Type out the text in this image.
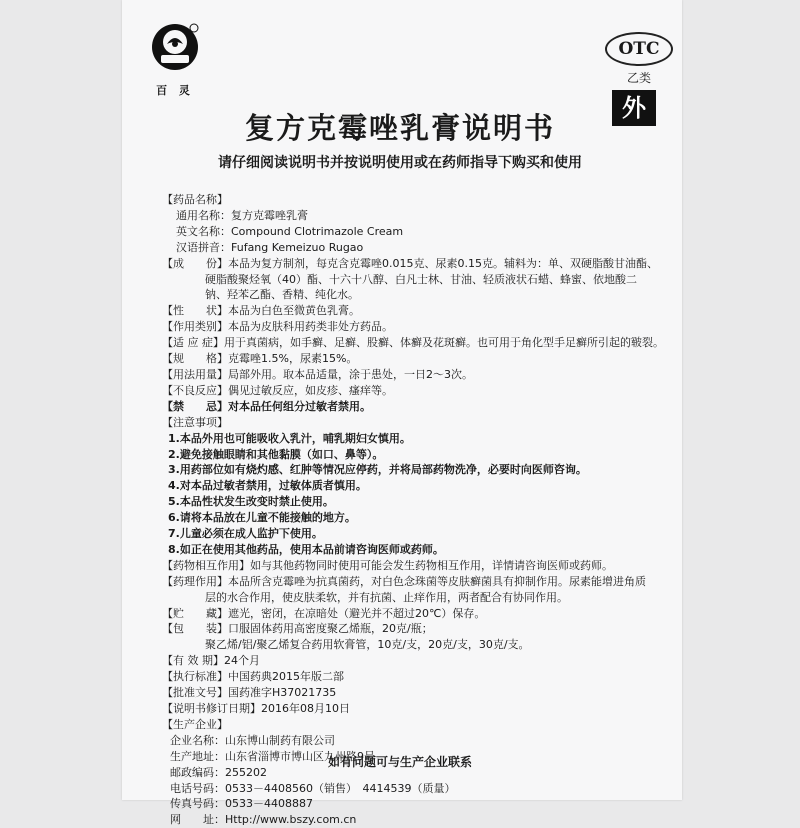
百 灵
OTC
乙类
外
复方克霉唑乳膏说明书
请仔细阅读说明书并按说明使用或在药师指导下购买和使用
【药品名称】
通用名称：复方克霉唑乳膏
英文名称：Compound Clotrimazole Cream
汉语拼音：Fufang Kemeizuo Rugao
【成　　份】本品为复方制剂，每克含克霉唑0.015克、尿素0.15克。辅料为：单、双硬脂酸甘油酯、
硬脂酸聚烃氧（40）酯、十六十八醇、白凡士林、甘油、轻质液状石蜡、蜂蜜、依地酸二
钠、羟苯乙酯、香精、纯化水。
【性　　状】本品为白色至微黄色乳膏。
【作用类别】本品为皮肤科用药类非处方药品。
【适 应 症】用于真菌病，如手癣、足癣、股癣、体癣及花斑癣。也可用于角化型手足癣所引起的皲裂。
【规　　格】克霉唑1.5%，尿素15%。
【用法用量】局部外用。取本品适量，涂于患处，一日2～3次。
【不良反应】偶见过敏反应，如皮疹、瘙痒等。
【禁　　忌】对本品任何组分过敏者禁用。
【注意事项】
1.本品外用也可能吸收入乳汁，哺乳期妇女慎用。
2.避免接触眼睛和其他黏膜（如口、鼻等）。
3.用药部位如有烧灼感、红肿等情况应停药，并将局部药物洗净，必要时向医师咨询。
4.对本品过敏者禁用，过敏体质者慎用。
5.本品性状发生改变时禁止使用。
6.请将本品放在儿童不能接触的地方。
7.儿童必须在成人监护下使用。
8.如正在使用其他药品，使用本品前请咨询医师或药师。
【药物相互作用】如与其他药物同时使用可能会发生药物相互作用，详情请咨询医师或药师。
【药理作用】本品所含克霉唑为抗真菌药，对白色念珠菌等皮肤癣菌具有抑制作用。尿素能增进角质
层的水合作用，使皮肤柔软，并有抗菌、止痒作用，两者配合有协同作用。
【贮　　藏】遮光，密闭，在凉暗处（避光并不超过20℃）保存。
【包　　装】口服固体药用高密度聚乙烯瓶，20克/瓶；
聚乙烯/铝/聚乙烯复合药用软膏管，10克/支，20克/支，30克/支。
【有 效 期】24个月
【执行标准】中国药典2015年版二部
【批准文号】国药准字H37021735
【说明书修订日期】2016年08月10日
【生产企业】
企业名称：山东博山制药有限公司
生产地址：山东省淄博市博山区九州路9号
邮政编码：255202
电话号码：0533－4408560（销售）　4414539（质量）
传真号码：0533－4408887
网　　址：Http://www.bszy.com.cn
如有问题可与生产企业联系
